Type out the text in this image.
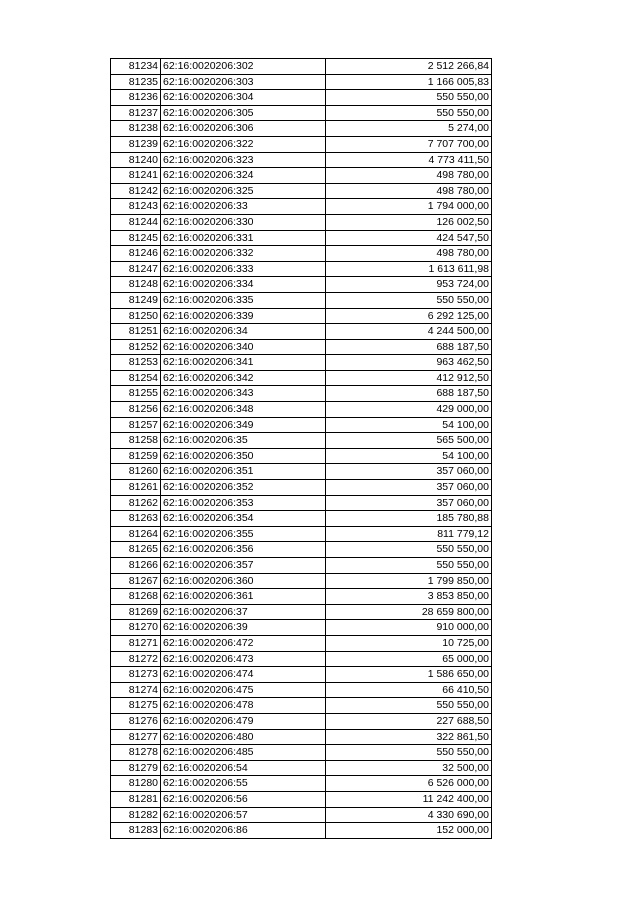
81234	62:16:0020206:302	2 512 266,84
81235	62:16:0020206:303	1 166 005,83
81236	62:16:0020206:304	550 550,00
81237	62:16:0020206:305	550 550,00
81238	62:16:0020206:306	5 274,00
81239	62:16:0020206:322	7 707 700,00
81240	62:16:0020206:323	4 773 411,50
81241	62:16:0020206:324	498 780,00
81242	62:16:0020206:325	498 780,00
81243	62:16:0020206:33	1 794 000,00
81244	62:16:0020206:330	126 002,50
81245	62:16:0020206:331	424 547,50
81246	62:16:0020206:332	498 780,00
81247	62:16:0020206:333	1 613 611,98
81248	62:16:0020206:334	953 724,00
81249	62:16:0020206:335	550 550,00
81250	62:16:0020206:339	6 292 125,00
81251	62:16:0020206:34	4 244 500,00
81252	62:16:0020206:340	688 187,50
81253	62:16:0020206:341	963 462,50
81254	62:16:0020206:342	412 912,50
81255	62:16:0020206:343	688 187,50
81256	62:16:0020206:348	429 000,00
81257	62:16:0020206:349	54 100,00
81258	62:16:0020206:35	565 500,00
81259	62:16:0020206:350	54 100,00
81260	62:16:0020206:351	357 060,00
81261	62:16:0020206:352	357 060,00
81262	62:16:0020206:353	357 060,00
81263	62:16:0020206:354	185 780,88
81264	62:16:0020206:355	811 779,12
81265	62:16:0020206:356	550 550,00
81266	62:16:0020206:357	550 550,00
81267	62:16:0020206:360	1 799 850,00
81268	62:16:0020206:361	3 853 850,00
81269	62:16:0020206:37	28 659 800,00
81270	62:16:0020206:39	910 000,00
81271	62:16:0020206:472	10 725,00
81272	62:16:0020206:473	65 000,00
81273	62:16:0020206:474	1 586 650,00
81274	62:16:0020206:475	66 410,50
81275	62:16:0020206:478	550 550,00
81276	62:16:0020206:479	227 688,50
81277	62:16:0020206:480	322 861,50
81278	62:16:0020206:485	550 550,00
81279	62:16:0020206:54	32 500,00
81280	62:16:0020206:55	6 526 000,00
81281	62:16:0020206:56	11 242 400,00
81282	62:16:0020206:57	4 330 690,00
81283	62:16:0020206:86	152 000,00
